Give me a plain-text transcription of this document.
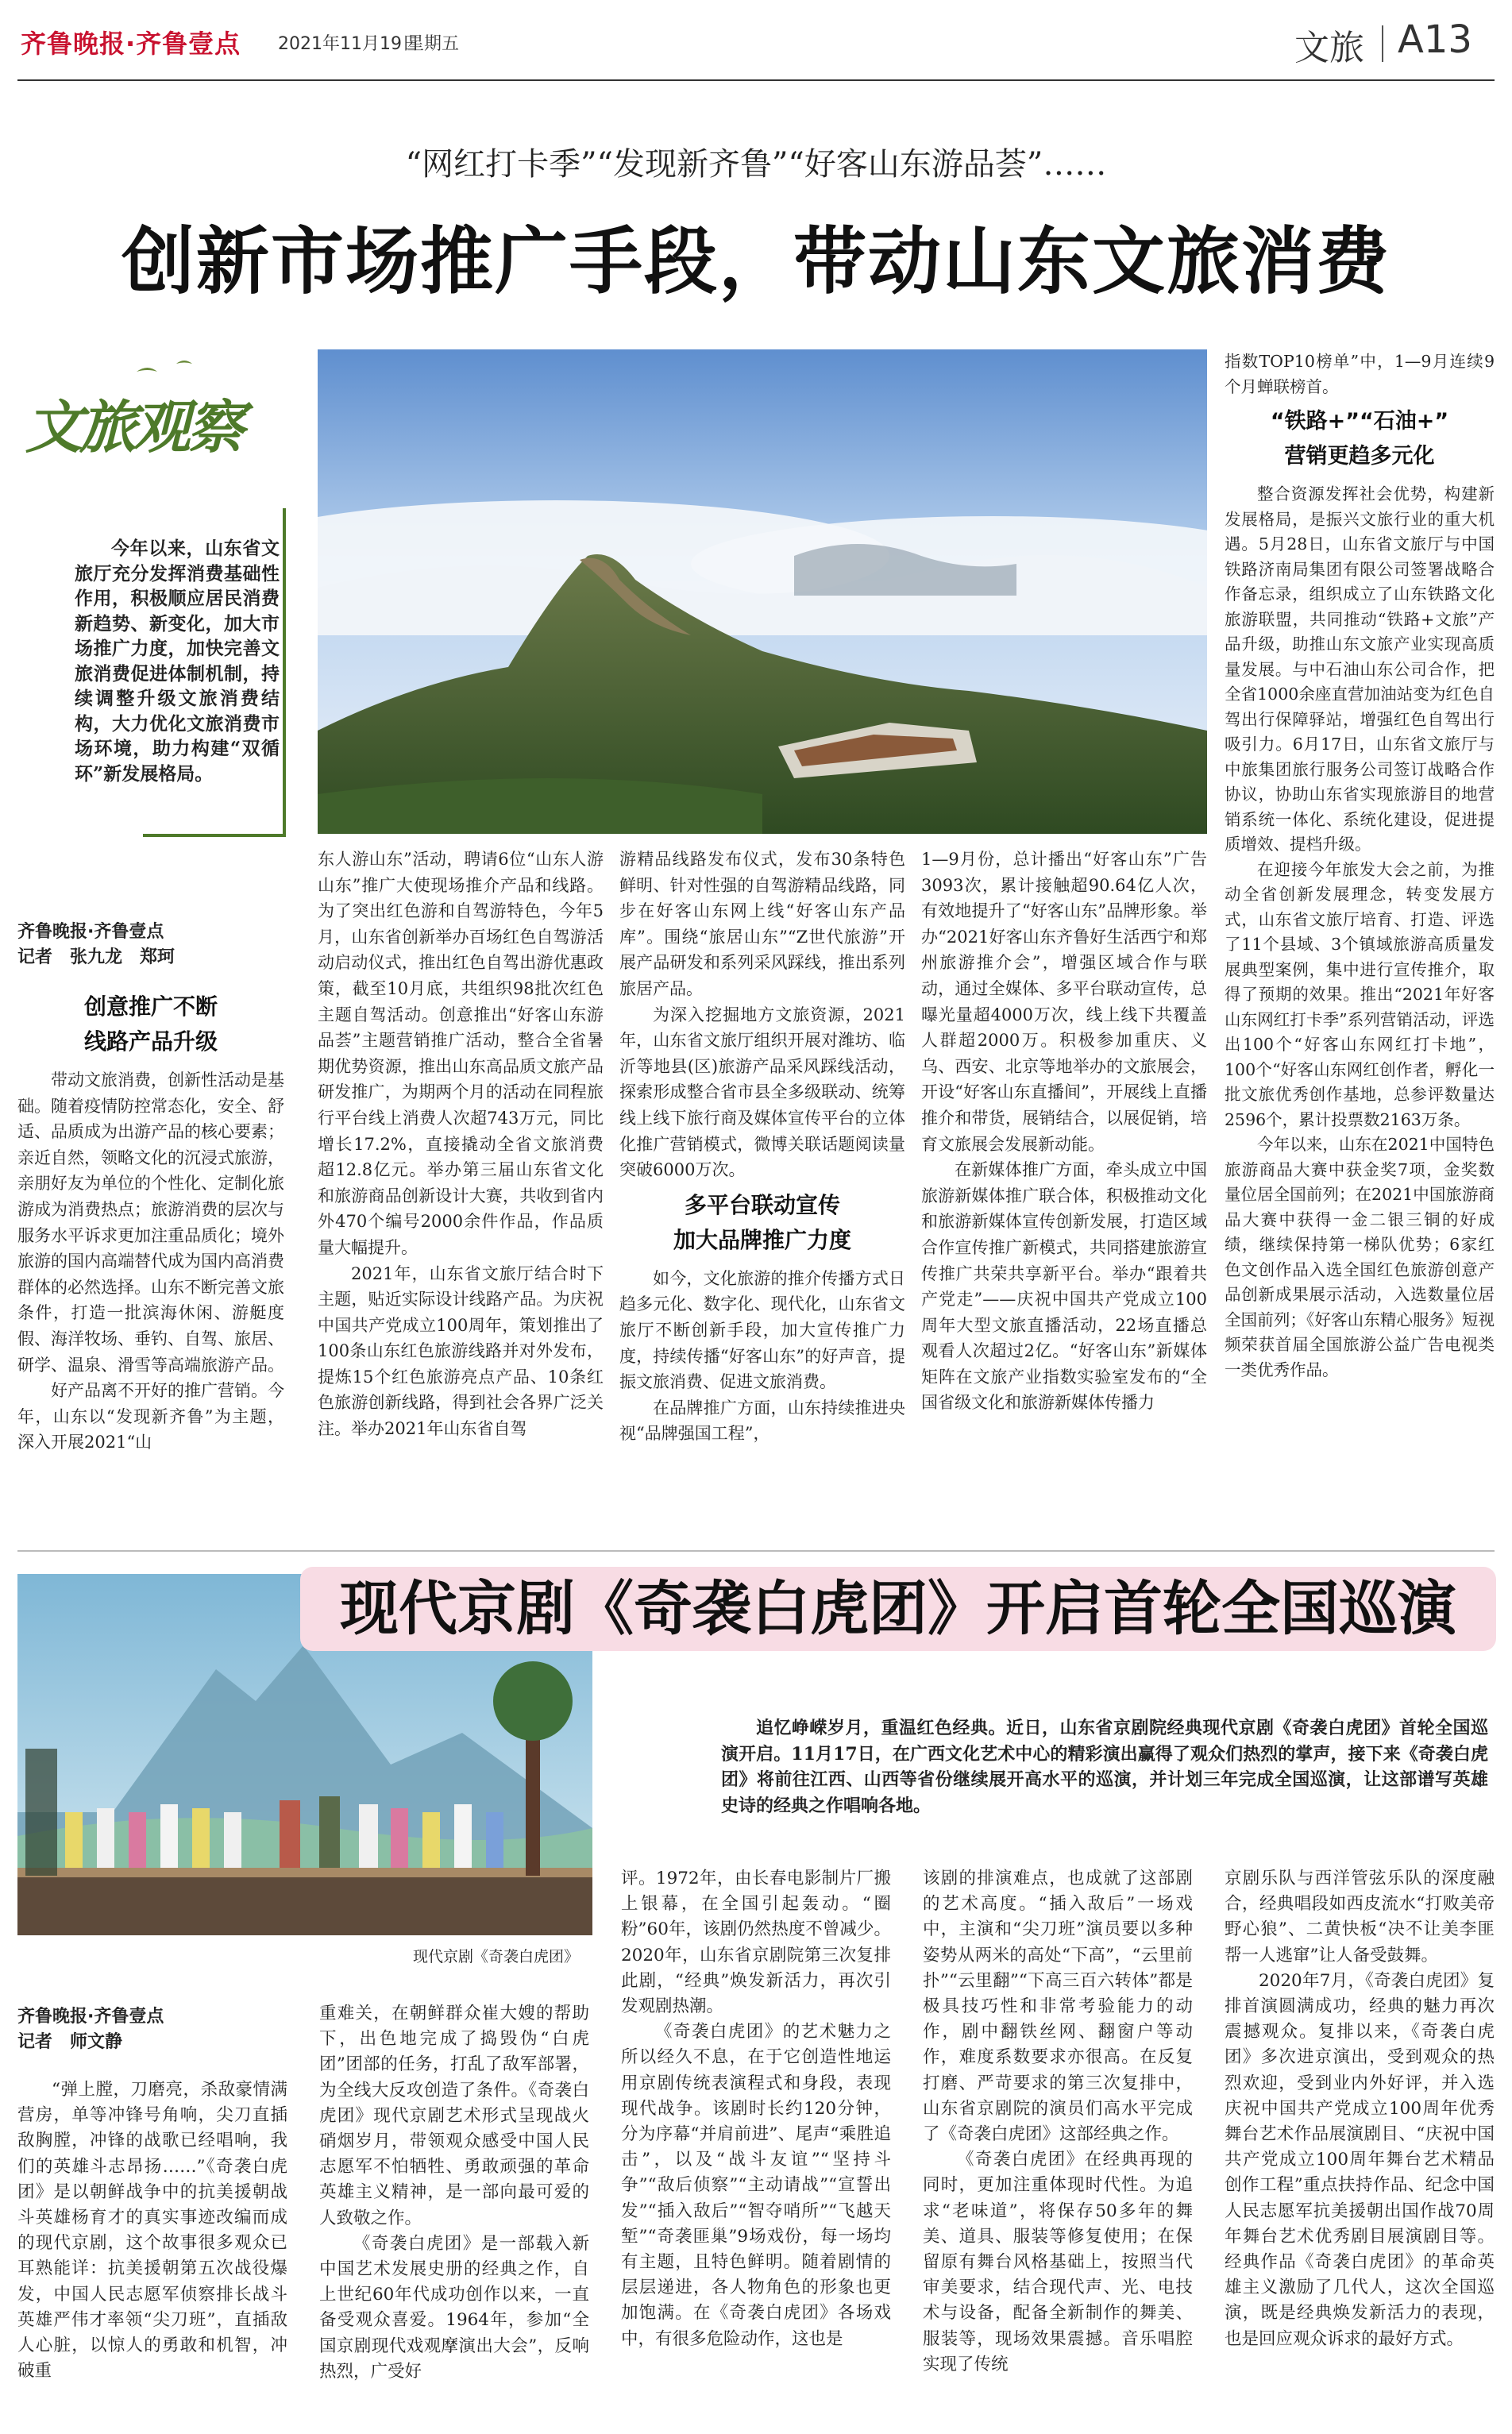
齐鲁晚报·齐鲁壹点 2021年11月19日
星期五	文旅 A13
“网红打卡季”“发现新齐鲁”“好客山东游品荟”……
创新市场推广手段，带动山东文旅消费
文旅观察
今年以来，山东省文旅厅充分发挥消费基础性作用，积极顺应居民消费新趋势、新变化，加大市场推广力度，加快完善文旅消费促进体制机制，持续调整升级文旅消费结构，大力优化文旅消费市场环境，助力构建“双循环”新发展格局。
齐鲁晚报·齐鲁壹点
记者　张九龙　郑珂
创意推广不断
线路产品升级

带动文旅消费，创新性活动是基础。随着疫情防控常态化，安全、舒适、品质成为出游产品的核心要素；亲近自然，领略文化的沉浸式旅游，亲朋好友为单位的个性化、定制化旅游成为消费热点；旅游消费的层次与服务水平诉求更加注重品质化；境外旅游的国内高端替代成为国内高消费群体的必然选择。山东不断完善文旅条件，打造一批滨海休闲、游艇度假、海洋牧场、垂钓、自驾、旅居、研学、温泉、滑雪等高端旅游产品。

好产品离不开好的推广营销。今年，山东以“发现新齐鲁”为主题，深入开展2021“山

东人游山东”活动，聘请6位“山东人游山东”推广大使现场推介产品和线路。为了突出红色游和自驾游特色，今年5月，山东省创新举办百场红色自驾游活动启动仪式，推出红色自驾出游优惠政策，截至10月底，共组织98批次红色主题自驾活动。创意推出“好客山东游品荟”主题营销推广活动，整合全省暑期优势资源，推出山东高品质文旅产品研发推广，为期两个月的活动在同程旅行平台线上消费人次超743万元，同比增长17.2%，直接撬动全省文旅消费超12.8亿元。举办第三届山东省文化和旅游商品创新设计大赛，共收到省内外470个编号2000余件作品，作品质量大幅提升。

2021年，山东省文旅厅结合时下主题，贴近实际设计线路产品。为庆祝中国共产党成立100周年，策划推出了100条山东红色旅游线路并对外发布，提炼15个红色旅游亮点产品、10条红色旅游创新线路，得到社会各界广泛关注。举办2021年山东省自驾

游精品线路发布仪式，发布30条特色鲜明、针对性强的自驾游精品线路，同步在好客山东网上线“好客山东产品库”。围绕“旅居山东”“Z世代旅游”开展产品研发和系列采风踩线，推出系列旅居产品。

为深入挖掘地方文旅资源，2021年，山东省文旅厅组织开展对潍坊、临沂等地县(区)旅游产品采风踩线活动，探索形成整合省市县全多级联动、统筹线上线下旅行商及媒体宣传平台的立体化推广营销模式，微博关联话题阅读量突破6000万次。

多平台联动宣传
加大品牌推广力度

如今，文化旅游的推介传播方式日趋多元化、数字化、现代化，山东省文旅厅不断创新手段，加大宣传推广力度，持续传播“好客山东”的好声音，提振文旅消费、促进文旅消费。

在品牌推广方面，山东持续推进央视“品牌强国工程”，

1—9月份，总计播出“好客山东”广告3093次，累计接触超90.64亿人次，有效地提升了“好客山东”品牌形象。举办“2021好客山东齐鲁好生活西宁和郑州旅游推介会”，增强区域合作与联动，通过全媒体、多平台联动宣传，总曝光量超4000万次，线上线下共覆盖人群超2000万。积极参加重庆、义乌、西安、北京等地举办的文旅展会，开设“好客山东直播间”，开展线上直播推介和带货，展销结合，以展促销，培育文旅展会发展新动能。

在新媒体推广方面，牵头成立中国旅游新媒体推广联合体，积极推动文化和旅游新媒体宣传创新发展，打造区域合作宣传推广新模式，共同搭建旅游宣传推广共荣共享新平台。举办“跟着共产党走”——庆祝中国共产党成立100周年大型文旅直播活动，22场直播总观看人次超过2亿。“好客山东”新媒体矩阵在文旅产业指数实验室发布的“全国省级文化和旅游新媒体传播力

指数TOP10榜单”中，1—9月连续9个月蝉联榜首。

“铁路+”“石油+”
营销更趋多元化

整合资源发挥社会优势，构建新发展格局，是振兴文旅行业的重大机遇。5月28日，山东省文旅厅与中国铁路济南局集团有限公司签署战略合作备忘录，组织成立了山东铁路文化旅游联盟，共同推动“铁路+文旅”产品升级，助推山东文旅产业实现高质量发展。与中石油山东公司合作，把全省1000余座直营加油站变为红色自驾出行保障驿站，增强红色自驾出行吸引力。6月17日，山东省文旅厅与中旅集团旅行服务公司签订战略合作协议，协助山东省实现旅游目的地营销系统一体化、系统化建设，促进提质增效、提档升级。

在迎接今年旅发大会之前，为推动全省创新发展理念，转变发展方式，山东省文旅厅培育、打造、评选了11个县域、3个镇域旅游高质量发展典型案例，集中进行宣传推介，取得了预期的效果。推出“2021年好客山东网红打卡季”系列营销活动，评选出100个“好客山东网红打卡地”，100个“好客山东网红创作者，孵化一批文旅优秀创作基地，总参评数量达2596个，累计投票数2163万条。

今年以来，山东在2021中国特色旅游商品大赛中获金奖7项，金奖数量位居全国前列；在2021中国旅游商品大赛中获得一金二银三铜的好成绩，继续保持第一梯队优势；6家红色文创作品入选全国红色旅游创意产品创新成果展示活动，入选数量位居全国前列；《好客山东精心服务》短视频荣获首届全国旅游公益广告电视类一类优秀作品。

现代京剧《奇袭白虎团》
现代京剧《奇袭白虎团》开启首轮全国巡演
追忆峥嵘岁月，重温红色经典。近日，山东省京剧院经典现代京剧《奇袭白虎团》首轮全国巡演开启。11月17日，在广西文化艺术中心的精彩演出赢得了观众们热烈的掌声，接下来《奇袭白虎团》将前往江西、山西等省份继续展开高水平的巡演，并计划三年完成全国巡演，让这部谱写英雄史诗的经典之作唱响各地。
齐鲁晚报·齐鲁壹点
记者　师文静

“弹上膛，刀磨亮，杀敌豪情满营房，单等冲锋号角响，尖刀直插敌胸膛，冲锋的战歌已经唱响，我们的英雄斗志昂扬……”《奇袭白虎团》是以朝鲜战争中的抗美援朝战斗英雄杨育才的真实事迹改编而成的现代京剧，这个故事很多观众已耳熟能详：抗美援朝第五次战役爆发，中国人民志愿军侦察排长战斗英雄严伟才率领“尖刀班”，直插敌人心脏，以惊人的勇敢和机智，冲破重

重难关，在朝鲜群众崔大嫂的帮助下，出色地完成了捣毁伪“白虎团”团部的任务，打乱了敌军部署，为全线大反攻创造了条件。《奇袭白虎团》现代京剧艺术形式呈现战火硝烟岁月，带领观众感受中国人民志愿军不怕牺牲、勇敢顽强的革命英雄主义精神，是一部向最可爱的人致敬之作。

《奇袭白虎团》是一部载入新中国艺术发展史册的经典之作，自上世纪60年代成功创作以来，一直备受观众喜爱。1964年，参加“全国京剧现代戏观摩演出大会”，反响热烈，广受好

评。1972年，由长春电影制片厂搬上银幕，在全国引起轰动。“圈粉”60年，该剧仍然热度不曾减少。2020年，山东省京剧院第三次复排此剧，“经典”焕发新活力，再次引发观剧热潮。

《奇袭白虎团》的艺术魅力之所以经久不息，在于它创造性地运用京剧传统表演程式和身段，表现现代战争。该剧时长约120分钟，分为序幕“并肩前进”、尾声“乘胜追击”，以及“战斗友谊”“坚持斗争”“敌后侦察”“主动请战”“宣誓出发”“插入敌后”“智夺哨所”“飞越天堑”“奇袭匪巢”9场戏份，每一场均有主题，且特色鲜明。随着剧情的层层递进，各人物角色的形象也更加饱满。在《奇袭白虎团》各场戏中，有很多危险动作，这也是

该剧的排演难点，也成就了这部剧的艺术高度。“插入敌后”一场戏中，主演和“尖刀班”演员要以多种姿势从两米的高处“下高”，“云里前扑”“云里翻”“下高三百六转体”都是极具技巧性和非常考验能力的动作，剧中翻铁丝网、翻窗户等动作，难度系数要求亦很高。在反复打磨、严苛要求的第三次复排中，山东省京剧院的演员们高水平完成了《奇袭白虎团》这部经典之作。

《奇袭白虎团》在经典再现的同时，更加注重体现时代性。为追求“老味道”，将保存50多年的舞美、道具、服装等修复使用；在保留原有舞台风格基础上，按照当代审美要求，结合现代声、光、电技术与设备，配备全新制作的舞美、服装等，现场效果震撼。音乐唱腔实现了传统

京剧乐队与西洋管弦乐队的深度融合，经典唱段如西皮流水“打败美帝野心狼”、二黄快板“决不让美李匪帮一人逃窜”让人备受鼓舞。

2020年7月，《奇袭白虎团》复排首演圆满成功，经典的魅力再次震撼观众。复排以来，《奇袭白虎团》多次进京演出，受到观众的热烈欢迎，受到业内外好评，并入选庆祝中国共产党成立100周年优秀舞台艺术作品展演剧目、“庆祝中国共产党成立100周年舞台艺术精品创作工程”重点扶持作品、纪念中国人民志愿军抗美援朝出国作战70周年舞台艺术优秀剧目展演剧目等。经典作品《奇袭白虎团》的革命英雄主义激励了几代人，这次全国巡演，既是经典焕发新活力的表现，也是回应观众诉求的最好方式。
